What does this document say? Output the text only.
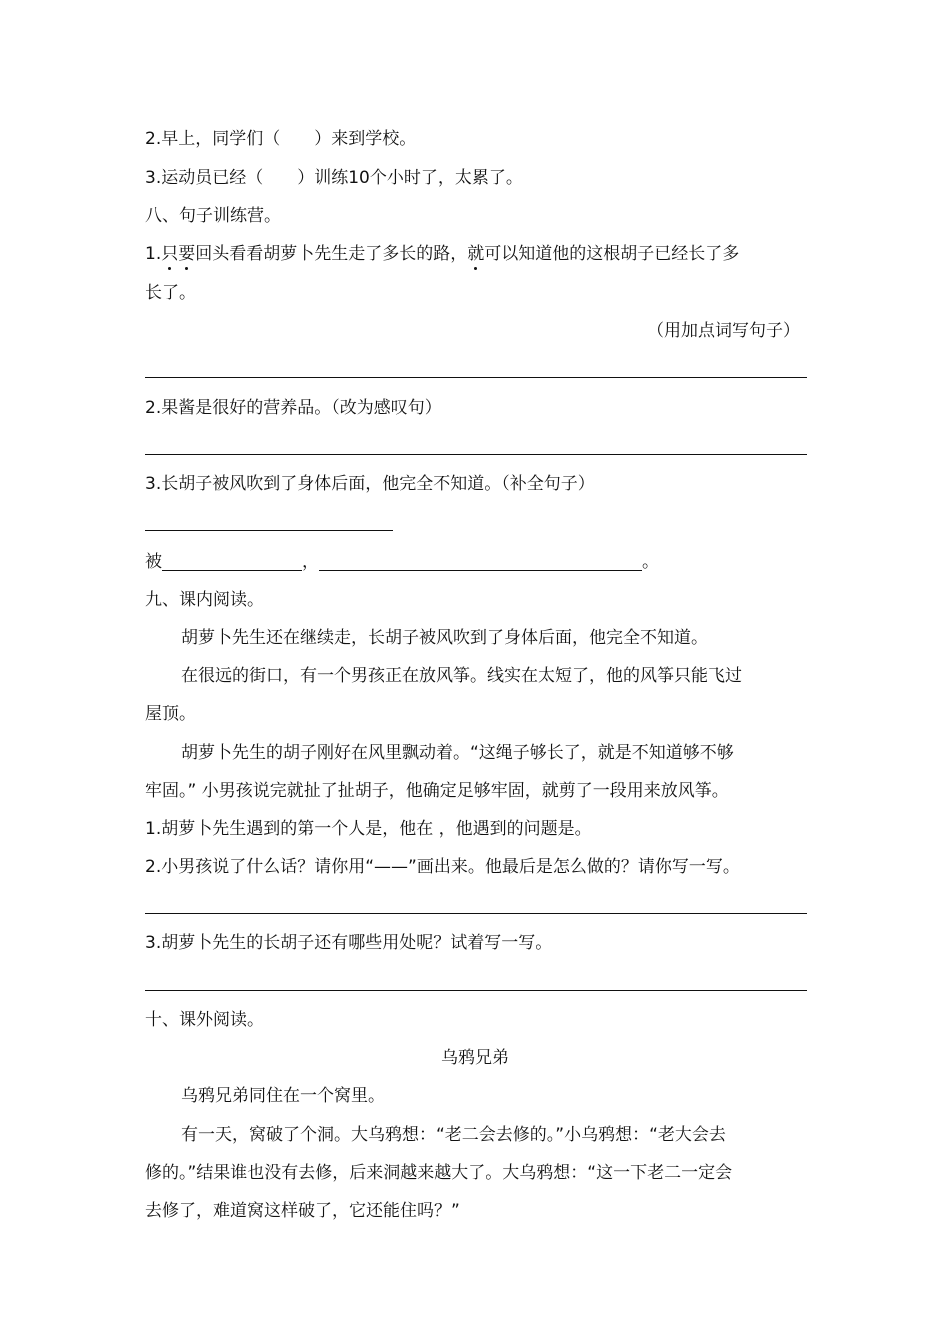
2.早上，同学们（　　 ）来到学校。
3.运动员已经（　　 ）训练10个小时了，太累了。
八、句子训练营。
1.只要回头看看胡萝卜先生走了多长的路，就可以知道他的这根胡子已经长了多
长了。
（用加点词写句子）
2.果酱是很好的营养品。（改为感叹句）
3.长胡子被风吹到了身体后面，他完全不知道。（补全句子）
被	，	。
九、课内阅读。
胡萝卜先生还在继续走，长胡子被风吹到了身体后面，他完全不知道。
在很远的街口，有一个男孩正在放风筝。线实在太短了，他的风筝只能飞过
屋顶。
胡萝卜先生的胡子刚好在风里飘动着。“这绳子够长了，就是不知道够不够
牢固。” 小男孩说完就扯了扯胡子，他确定足够牢固，就剪了一段用来放风筝。
1.胡萝卜先生遇到的第一个人是，他在 ，他遇到的问题是。
2.小男孩说了什么话？请你用“——”画出来。他最后是怎么做的？请你写一写。
3.胡萝卜先生的长胡子还有哪些用处呢？试着写一写。
十、课外阅读。
乌鸦兄弟
乌鸦兄弟同住在一个窝里。
有一天，窝破了个洞。大乌鸦想：“老二会去修的。”小乌鸦想：“老大会去
修的。”结果谁也没有去修，后来洞越来越大了。大乌鸦想：“这一下老二一定会
去修了，难道窝这样破了，它还能住吗？”
